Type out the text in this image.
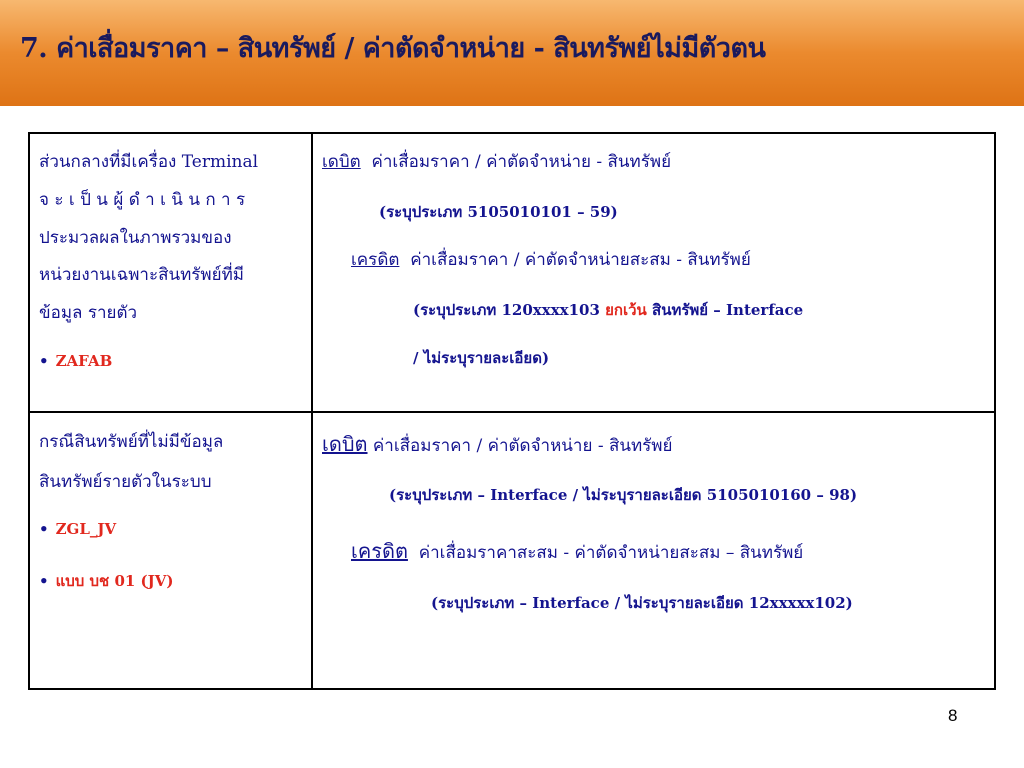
7. ค่าเสื่อมราคา – สินทรัพย์ / ค่าตัดจำหน่าย - สินทรัพย์ไม่มีตัวตน
ส่วนกลางที่มีเครื่อง Terminal
จ ะ เ ป็ น ผู้ ดํ า เ นิ น ก า ร
ประมวลผลในภาพรวมของ
หน่วยงานเฉพาะสินทรัพย์ที่มี
ข้อมูล รายตัว
• ZAFAB
เดบิต ค่าเสื่อมราคา / ค่าตัดจําหน่าย - สินทรัพย์
(ระบุประเภท 5105010101 – 59)
เครดิต ค่าเสื่อมราคา / ค่าตัดจําหน่ายสะสม - สินทรัพย์
(ระบุประเภท 120xxxx103 ยกเว้น สินทรัพย์ – Interface
/ ไม่ระบุรายละเอียด)
กรณีสินทรัพย์ที่ไม่มีข้อมูล
สินทรัพย์รายตัวในระบบ
• ZGL_JV
• แบบ บช 01 (JV)
เดบิต ค่าเสื่อมราคา / ค่าตัดจําหน่าย - สินทรัพย์
(ระบุประเภท – Interface / ไม่ระบุรายละเอียด 5105010160 – 98)
เครดิต ค่าเสื่อมราคาสะสม - ค่าตัดจําหน่ายสะสม – สินทรัพย์
(ระบุประเภท – Interface / ไม่ระบุรายละเอียด 12xxxxx102)
8
